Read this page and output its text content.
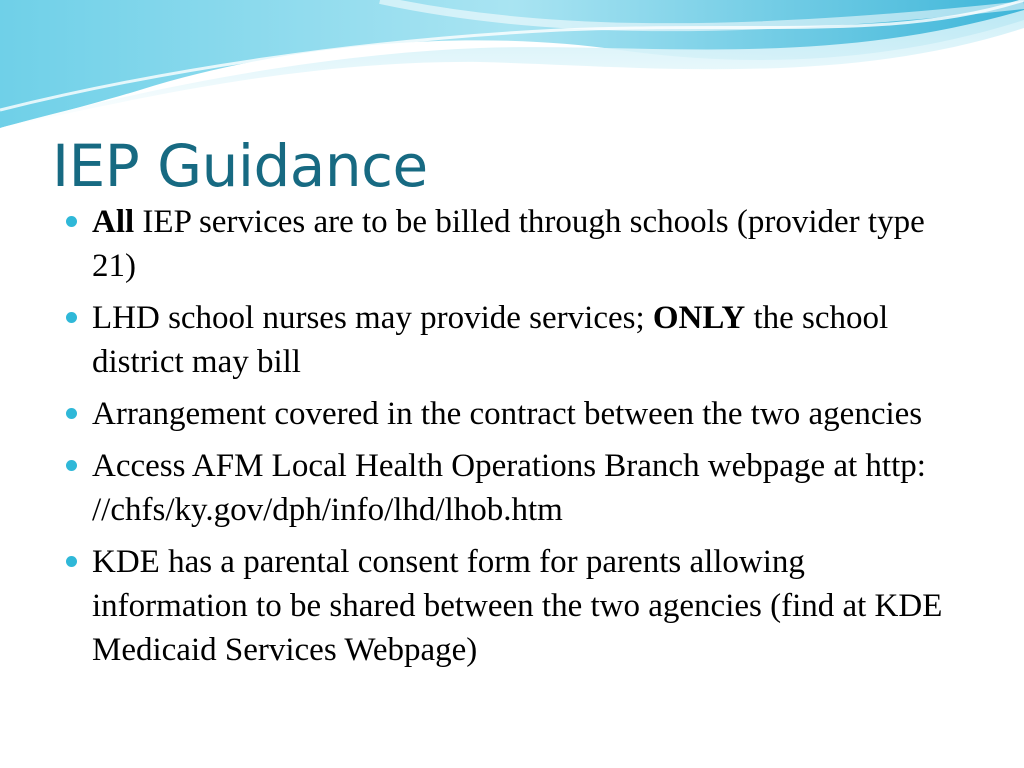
IEP Guidance
All IEP services are to be billed through schools (provider type 21)
LHD school nurses may provide services; ONLY the school district may bill
Arrangement covered in the contract between the two agencies
Access AFM Local Health Operations Branch webpage at http: //chfs/ky.gov/dph/info/lhd/lhob.htm
KDE has a parental consent form for parents allowing information to be shared between the two agencies (find at KDE Medicaid Services Webpage)
